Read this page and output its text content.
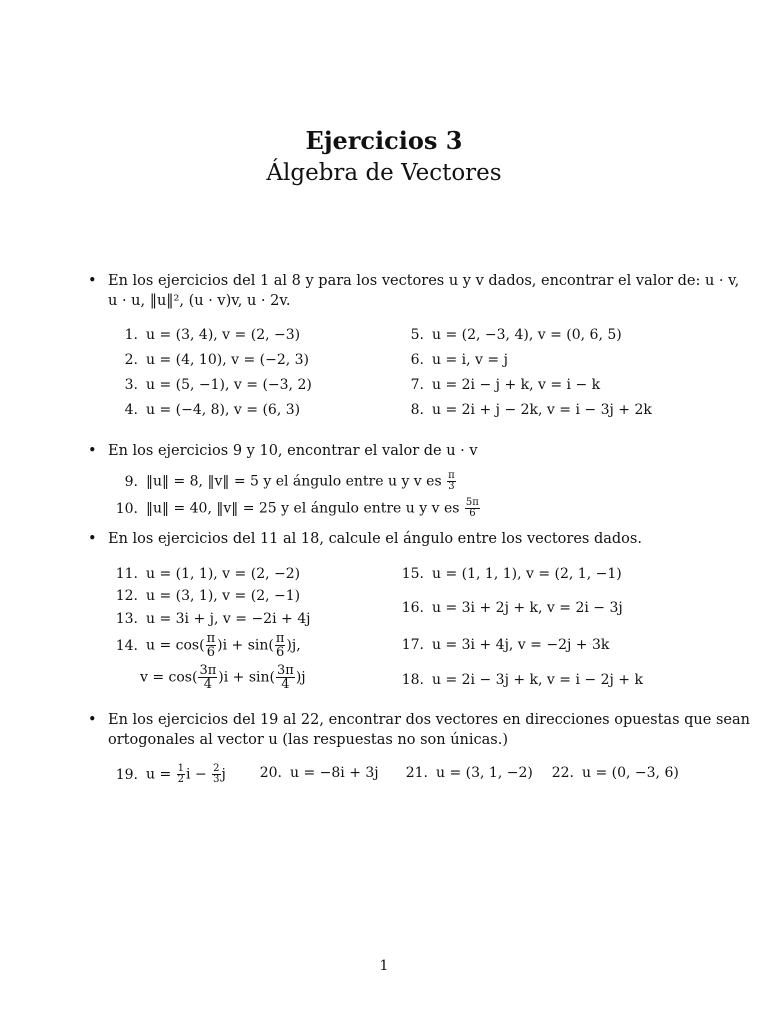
Ejercicios 3
Álgebra de Vectores
• En los ejercicios del 1 al 8 y para los vectores u y v dados, encontrar el valor de: u · v,
u · u, ‖u‖², (u · v)v, u · 2v.
1. u = (3, 4), v = (2, −3)
2. u = (4, 10), v = (−2, 3)
3. u = (5, −1), v = (−3, 2)
4. u = (−4, 8), v = (6, 3)
5. u = (2, −3, 4), v = (0, 6, 5)
6. u = i, v = j
7. u = 2i − j + k, v = i − k
8. u = 2i + j − 2k, v = i − 3j + 2k
• En los ejercicios 9 y 10, encontrar el valor de u · v
9. ‖u‖ = 8, ‖v‖ = 5 y el ángulo entre u y v es $\frac{\pi}{3}$
10. ‖u‖ = 40, ‖v‖ = 25 y el ángulo entre u y v es $\frac{5\pi}{6}$
• En los ejercicios del 11 al 18, calcule el ángulo entre los vectores dados.
11. u = (1, 1), v = (2, −2)
12. u = (3, 1), v = (2, −1)
13. u = 3i + j, v = −2i + 4j
14. $u = \cos( \frac{\pi}{6} )i + \sin( \frac{\pi}{6} )j$,
$v = \cos( \frac{3\pi}{4} )i + \sin( \frac{3\pi}{4} )j$
15. u = (1, 1, 1), v = (2, 1, −1)
16. u = 3i + 2j + k, v = 2i − 3j
17. u = 3i + 4j, v = −2j + 3k
18. u = 2i − 3j + k, v = i − 2j + k
• En los ejercicios del 19 al 22, encontrar dos vectores en direcciones opuestas que sean
ortogonales al vector u (las respuestas no son únicas.)
19. $u = \frac{1}{2}$ $i - \frac{2}{3}$ j	20. u = −8i + 3j	21. u = (3, 1, −2)	22. u = (0, −3, 6)
1
